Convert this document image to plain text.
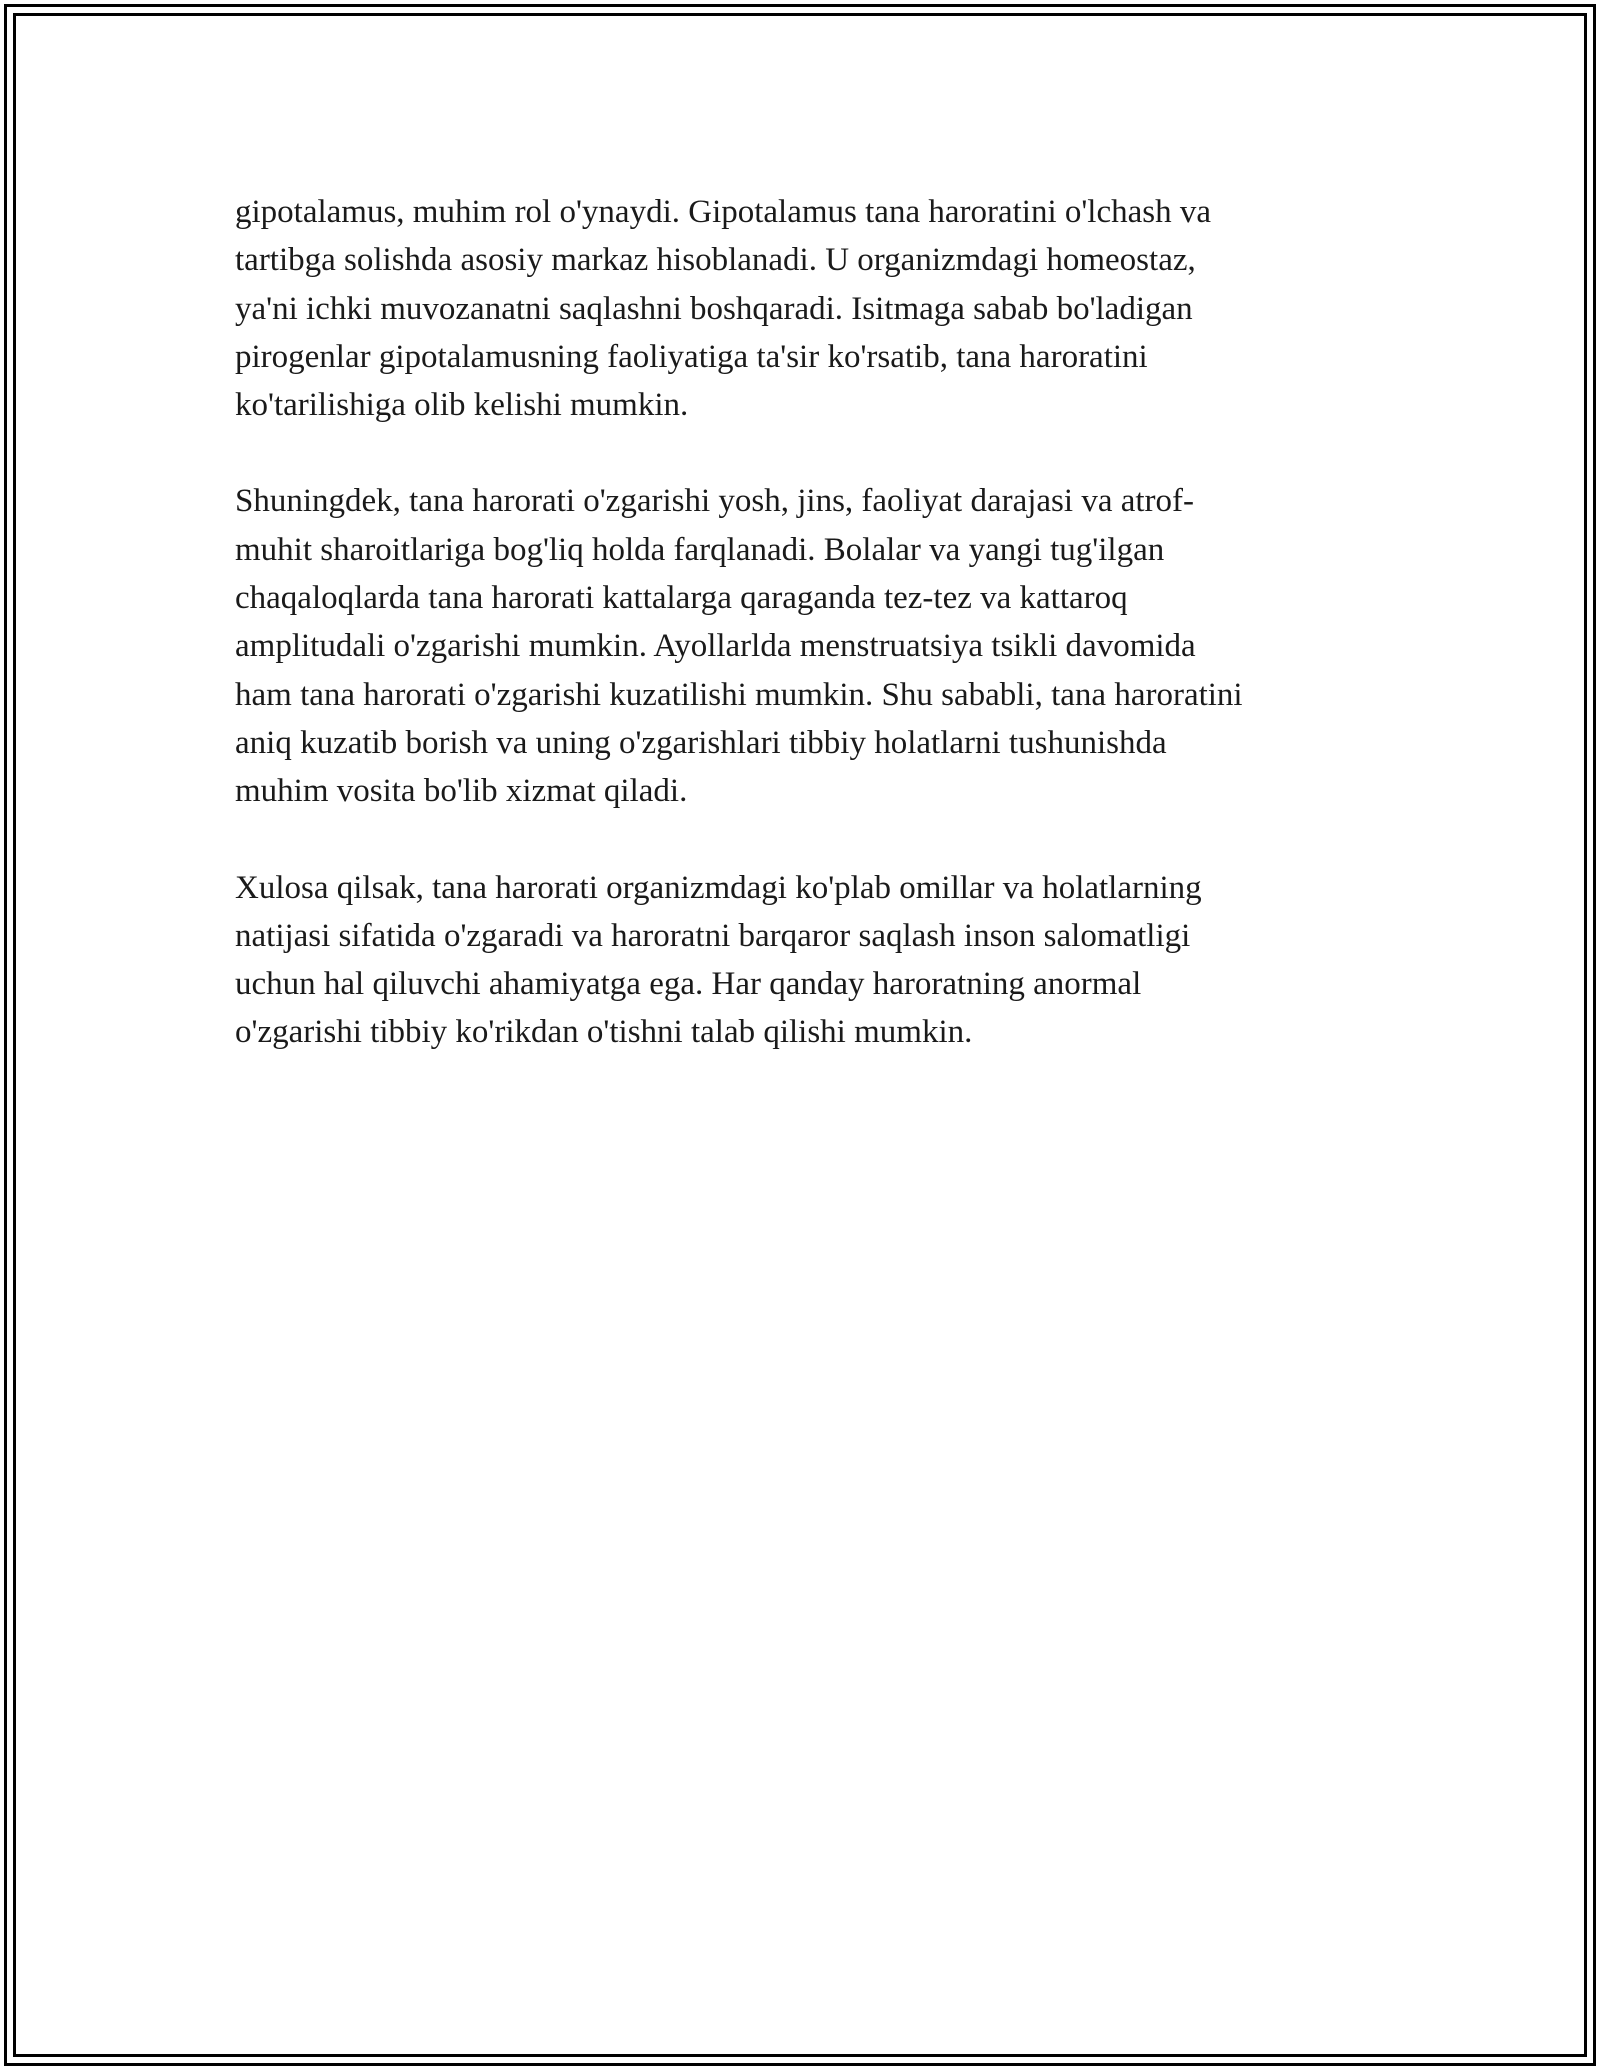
gipotalamus, muhim rol o'ynaydi. Gipotalamus tana haroratini o'lchash va
tartibga solishda asosiy markaz hisoblanadi. U organizmdagi homeostaz,
ya'ni ichki muvozanatni saqlashni boshqaradi. Isitmaga sabab bo'ladigan
pirogenlar gipotalamusning faoliyatiga ta'sir ko'rsatib, tana haroratini
ko'tarilishiga olib kelishi mumkin.

Shuningdek, tana harorati o'zgarishi yosh, jins, faoliyat darajasi va atrof-
muhit sharoitlariga bog'liq holda farqlanadi. Bolalar va yangi tug'ilgan
chaqaloqlarda tana harorati kattalarga qaraganda tez-tez va kattaroq
amplitudali o'zgarishi mumkin. Ayollarlda menstruatsiya tsikli davomida
ham tana harorati o'zgarishi kuzatilishi mumkin. Shu sababli, tana haroratini
aniq kuzatib borish va uning o'zgarishlari tibbiy holatlarni tushunishda
muhim vosita bo'lib xizmat qiladi.

Xulosa qilsak, tana harorati organizmdagi ko'plab omillar va holatlarning
natijasi sifatida o'zgaradi va haroratni barqaror saqlash inson salomatligi
uchun hal qiluvchi ahamiyatga ega. Har qanday haroratning anormal
o'zgarishi tibbiy ko'rikdan o'tishni talab qilishi mumkin.
